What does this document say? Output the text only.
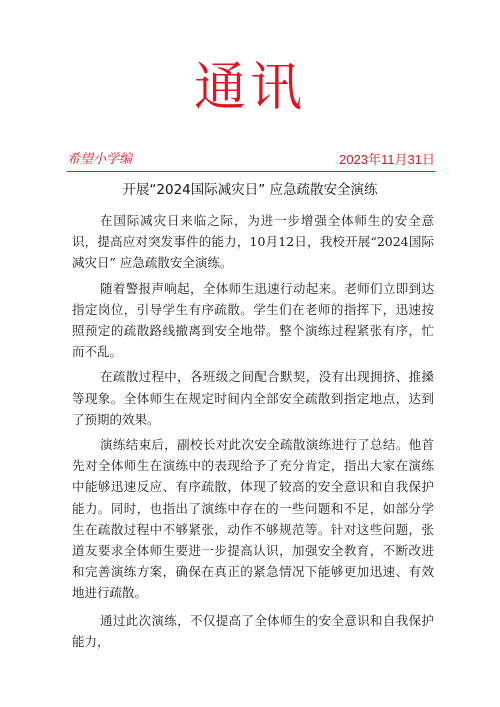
通讯
希望小学编	2023年11月31日
开展“2024国际减灾日” 应急疏散安全演练

在国际减灾日来临之际，为进一步增强全体师生的安全意识，提高应对突发事件的能力，10月12日，我校开展“2024国际减灾日” 应急疏散安全演练。

随着警报声响起，全体师生迅速行动起来。老师们立即到达指定岗位，引导学生有序疏散。学生们在老师的指挥下，迅速按照预定的疏散路线撤离到安全地带。整个演练过程紧张有序，忙而不乱。

在疏散过程中，各班级之间配合默契，没有出现拥挤、推搡等现象。全体师生在规定时间内全部安全疏散到指定地点，达到了预期的效果。

演练结束后，副校长对此次安全疏散演练进行了总结。他首先对全体师生在演练中的表现给予了充分肯定，指出大家在演练中能够迅速反应、有序疏散，体现了较高的安全意识和自我保护能力。同时，也指出了演练中存在的一些问题和不足，如部分学生在疏散过程中不够紧张，动作不够规范等。针对这些问题，张道友要求全体师生要进一步提高认识，加强安全教育，不断改进和完善演练方案，确保在真正的紧急情况下能够更加迅速、有效地进行疏散。

通过此次演练，不仅提高了全体师生的安全意识和自我保护能力，
